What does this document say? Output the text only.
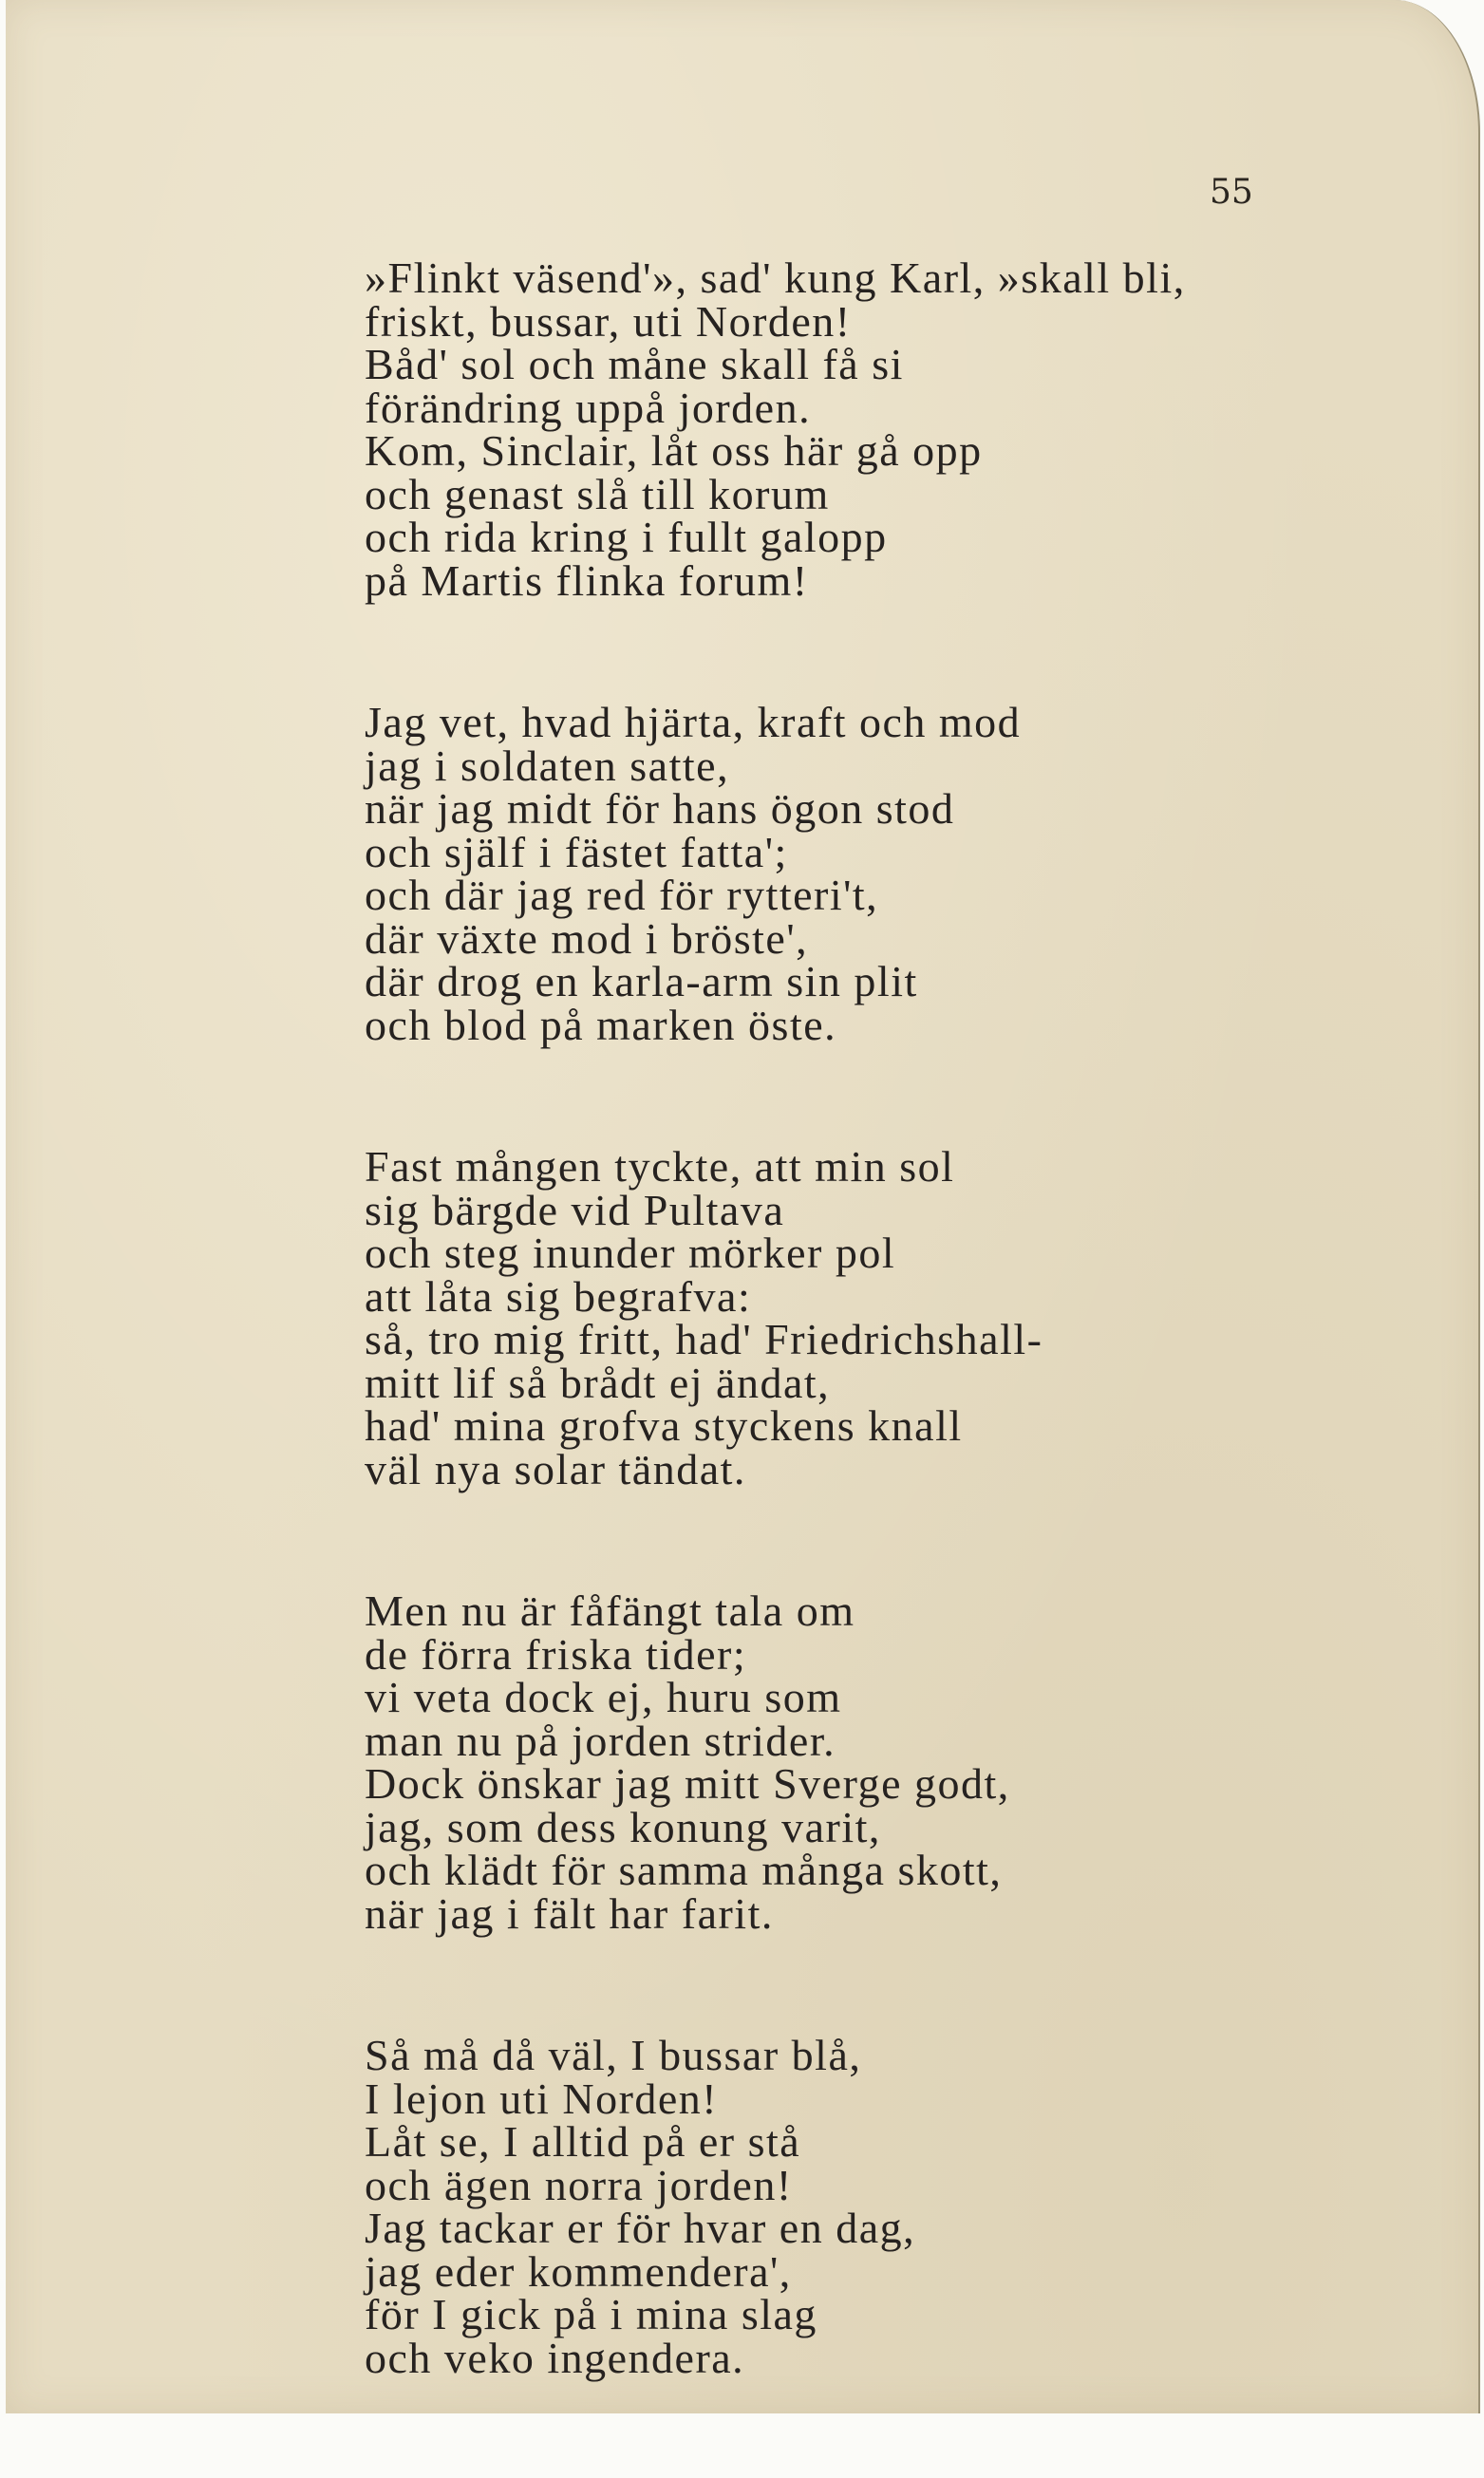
55
»Flinkt väsend'», sad' kung Karl, »skall bli,
friskt, bussar, uti Norden!
Båd' sol och måne skall få si
förändring uppå jorden.
Kom, Sinclair, låt oss här gå opp
och genast slå till korum
och rida kring i fullt galopp
på Martis flinka forum!
Jag vet, hvad hjärta, kraft och mod
jag i soldaten satte,
när jag midt för hans ögon stod
och själf i fästet fatta';
och där jag red för rytteri't,
där växte mod i bröste',
där drog en karla-arm sin plit
och blod på marken öste.
Fast mången tyckte, att min sol
sig bärgde vid Pultava
och steg inunder mörker pol
att låta sig begrafva:
så, tro mig fritt, had' Friedrichshall-
mitt lif så brådt ej ändat,
had' mina grofva styckens knall
väl nya solar tändat.
Men nu är fåfängt tala om
de förra friska tider;
vi veta dock ej, huru som
man nu på jorden strider.
Dock önskar jag mitt Sverge godt,
jag, som dess konung varit,
och klädt för samma många skott,
när jag i fält har farit.
Så må då väl, I bussar blå,
I lejon uti Norden!
Låt se, I alltid på er stå
och ägen norra jorden!
Jag tackar er för hvar en dag,
jag eder kommendera',
för I gick på i mina slag
och veko ingendera.
